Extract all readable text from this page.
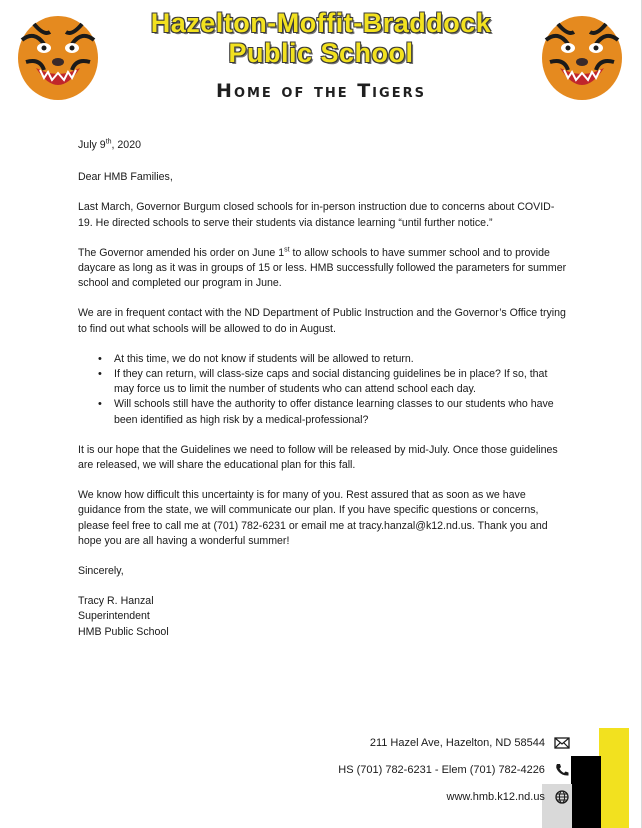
Hazelton-Moffit-Braddock
Public School
Home of the Tigers

July 9th, 2020

Dear HMB Families,

Last March, Governor Burgum closed schools for in-person instruction due to concerns about COVID-19. He directed schools to serve their students via distance learning “until further notice.”

The Governor amended his order on June 1st to allow schools to have summer school and to provide daycare as long as it was in groups of 15 or less. HMB successfully followed the parameters for summer school and completed our program in June.

We are in frequent contact with the ND Department of Public Instruction and the Governor’s Office trying to find out what schools will be allowed to do in August.

• At this time, we do not know if students will be allowed to return.
• If they can return, will class-size caps and social distancing guidelines be in place? If so, that may force us to limit the number of students who can attend school each day.
• Will schools still have the authority to offer distance learning classes to our students who have been identified as high risk by a medical-professional?

It is our hope that the Guidelines we need to follow will be released by mid-July. Once those guidelines are released, we will share the educational plan for this fall.

We know how difficult this uncertainty is for many of you. Rest assured that as soon as we have guidance from the state, we will communicate our plan. If you have specific questions or concerns, please feel free to call me at (701) 782-6231 or email me at tracy.hanzal@k12.nd.us. Thank you and hope you are all having a wonderful summer!

Sincerely,

Tracy R. Hanzal
Superintendent
HMB Public School
211 Hazel Ave, Hazelton, ND 58544
HS (701) 782-6231 - Elem (701) 782-4226
www.hmb.k12.nd.us
